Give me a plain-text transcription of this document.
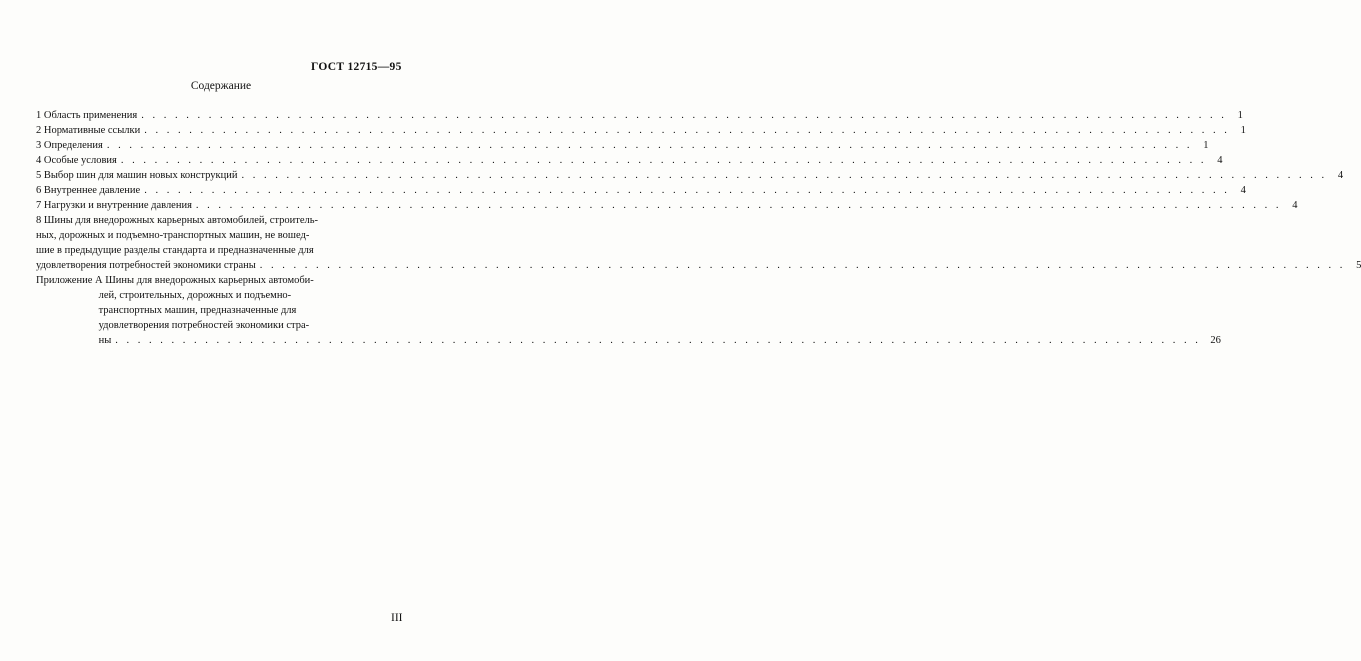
ГОСТ 12715—95
Содержание
1 Область применения . . .	1
2 Нормативные ссылки . . .	1
3 Определения . . .	1
4 Особые условия . . .	4
5 Выбор шин для машин новых конструкций . . .	4
6 Внутреннее давление . . .	4
7 Нагрузки и внутренние давления . . .	4
8 Шины для внедорожных карьерных автомобилей, строитель-
ных, дорожных и подъемно-транспортных машин, не вошед-
шие в предыдущие разделы стандарта и предназначенные для
удовлетворения потребностей экономики страны . . .	5
Приложение А Шины для внедорожных карьерных автомоби-
лей, строительных, дорожных и подъемно-
транспортных машин, предназначенные для
удовлетворения потребностей экономики стра-
ны . . .	26
III
